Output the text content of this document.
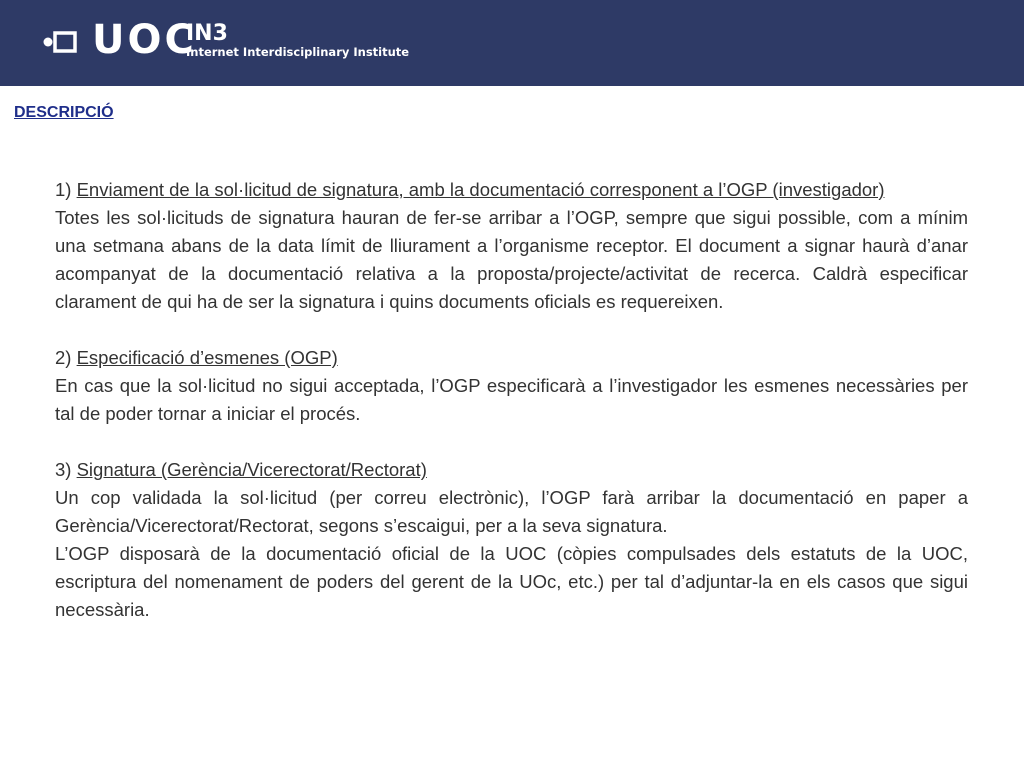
UOC
IN3
Internet Interdisciplinary Institute
DESCRIPCIÓ

1) Enviament de la sol·licitud de signatura, amb la documentació corresponent a l’OGP (investigador)

Totes les sol·licituds de signatura hauran de fer-se arribar a l’OGP, sempre que sigui possible, com a mínim una setmana abans de la data límit de lliurament a l’organisme receptor. El document a signar haurà d’anar acompanyat de la documentació relativa a la proposta/projecte/activitat de recerca. Caldrà especificar clarament de qui ha de ser la signatura i quins documents oficials es requereixen.

2) Especificació d’esmenes (OGP)

En cas que la sol·licitud no sigui acceptada, l’OGP especificarà a l’investigador les esmenes necessàries per tal de poder tornar a iniciar el procés.

3) Signatura (Gerència/Vicerectorat/Rectorat)

Un cop validada la sol·licitud (per correu electrònic), l’OGP farà arribar la documentació en paper a Gerència/Vicerectorat/Rectorat, segons s’escaigui, per a la seva signatura.

L’OGP disposarà de la documentació oficial de la UOC (còpies compulsades dels estatuts de la UOC, escriptura del nomenament de poders del gerent de la UOc, etc.) per tal d’adjuntar-la en els casos que sigui necessària.
